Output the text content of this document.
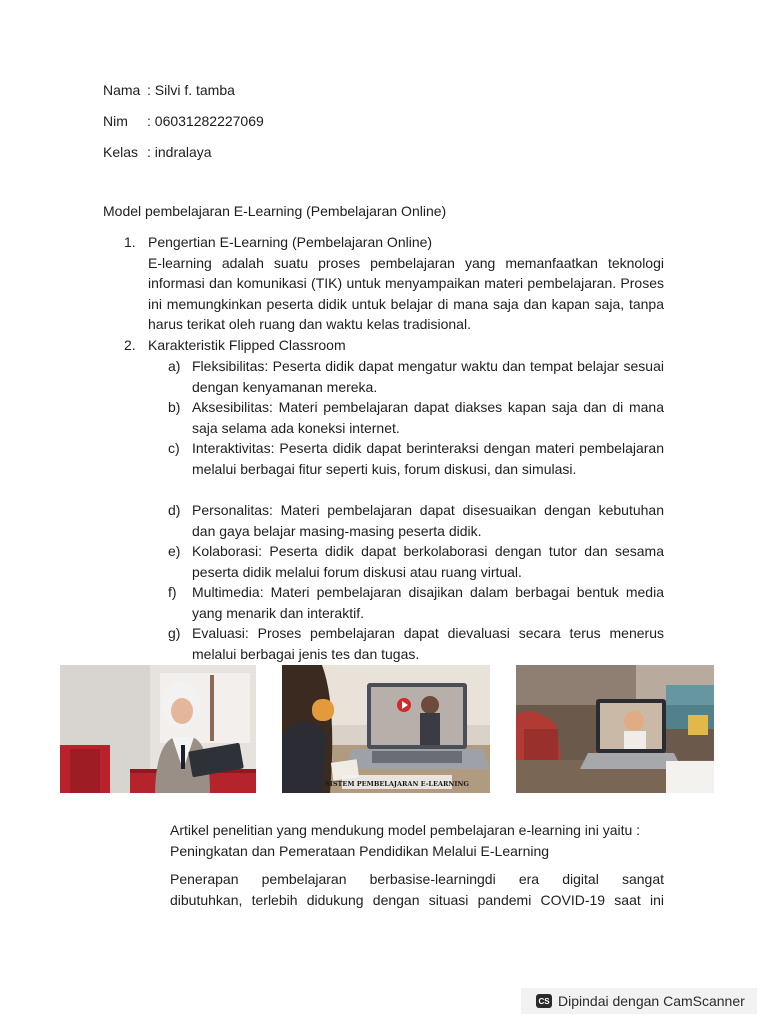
Nama : Silvi f. tamba
Nim : 06031282227069
Kelas : indralaya
Model pembelajaran E-Learning (Pembelajaran Online)
1. Pengertian E-Learning (Pembelajaran Online)
E-learning adalah suatu proses pembelajaran yang memanfaatkan teknologi informasi dan komunikasi (TIK) untuk menyampaikan materi pembelajaran. Proses ini memungkinkan peserta didik untuk belajar di mana saja dan kapan saja, tanpa harus terikat oleh ruang dan waktu kelas tradisional.
2. Karakteristik Flipped Classroom
a) Fleksibilitas: Peserta didik dapat mengatur waktu dan tempat belajar sesuai dengan kenyamanan mereka.
b) Aksesibilitas: Materi pembelajaran dapat diakses kapan saja dan di mana saja selama ada koneksi internet.
c) Interaktivitas: Peserta didik dapat berinteraksi dengan materi pembelajaran melalui berbagai fitur seperti kuis, forum diskusi, dan simulasi.
d) Personalitas: Materi pembelajaran dapat disesuaikan dengan kebutuhan dan gaya belajar masing-masing peserta didik.
e) Kolaborasi: Peserta didik dapat berkolaborasi dengan tutor dan sesama peserta didik melalui forum diskusi atau ruang virtual.
f)	Multimedia: Materi pembelajaran disajikan dalam berbagai bentuk media yang menarik dan interaktif.
g) Evaluasi: Proses pembelajaran dapat dievaluasi secara terus menerus melalui berbagai jenis tes dan tugas.
SISTEM PEMBELAJARAN E-LEARNING
Artikel penelitian yang mendukung model pembelajaran e-learning ini yaitu :
Peningkatan dan Pemerataan Pendidikan Melalui E-Learning
Penerapan pembelajaran berbasise-learningdi era digital sangat
dibutuhkan, terlebih didukung dengan situasi pandemi COVID-19 saat ini
CS Dipindai dengan CamScanner
